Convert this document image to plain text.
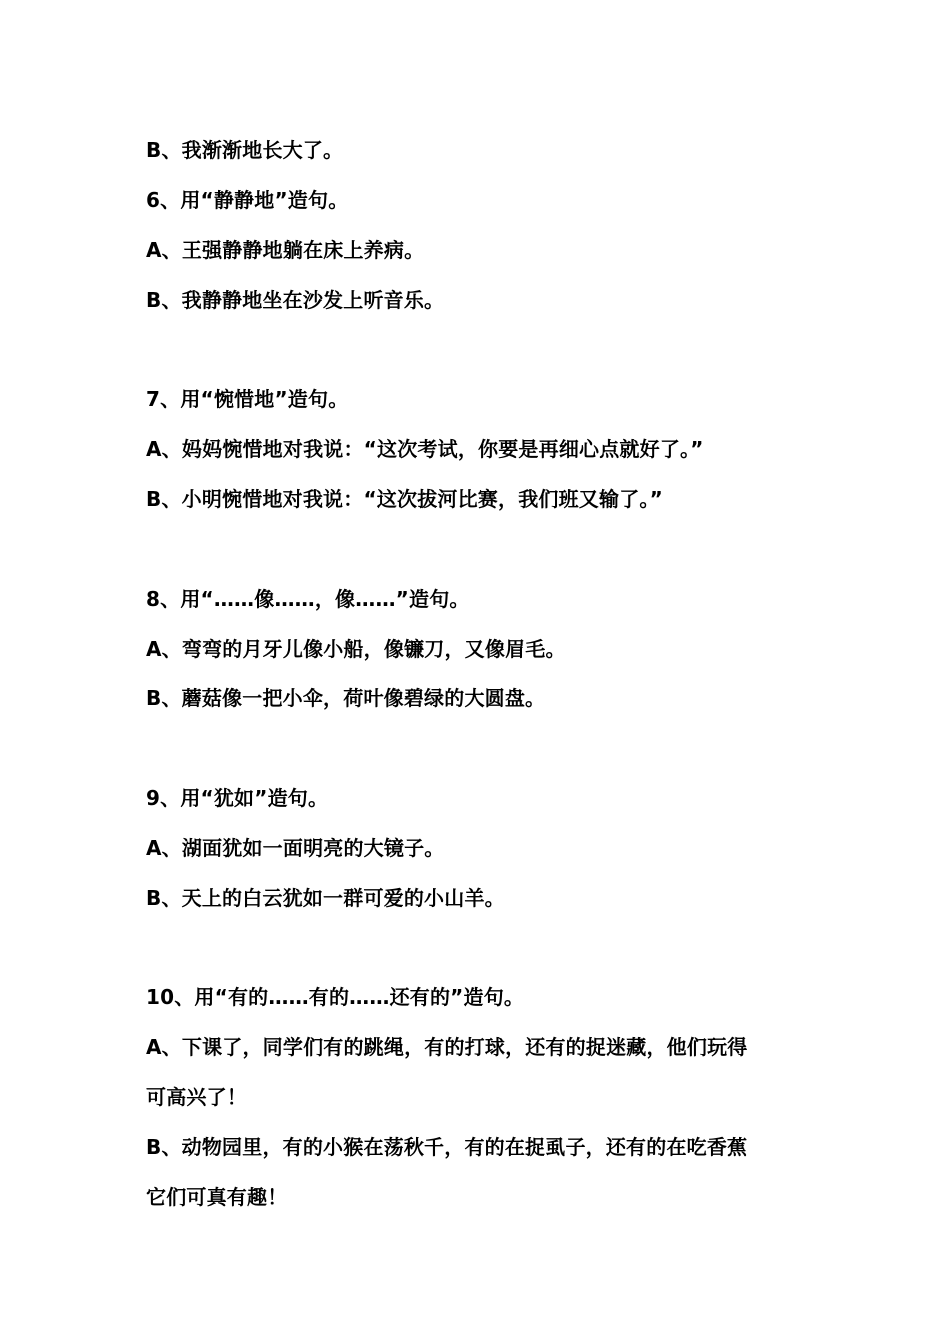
B、我渐渐地长大了。
6、用“静静地”造句。
A、王强静静地躺在床上养病。
B、我静静地坐在沙发上听音乐。
7、用“惋惜地”造句。
A、妈妈惋惜地对我说：“这次考试，你要是再细心点就好了。”
B、小明惋惜地对我说：“这次拔河比赛，我们班又输了。”
8、用“……像……，像……”造句。
A、弯弯的月牙儿像小船，像镰刀，又像眉毛。
B、蘑菇像一把小伞，荷叶像碧绿的大圆盘。
9、用“犹如”造句。
A、湖面犹如一面明亮的大镜子。
B、天上的白云犹如一群可爱的小山羊。
10、用“有的……有的……还有的”造句。
A、下课了，同学们有的跳绳，有的打球，还有的捉迷藏，他们玩得
可高兴了！
B、动物园里，有的小猴在荡秋千，有的在捉虱子，还有的在吃香蕉
它们可真有趣！
